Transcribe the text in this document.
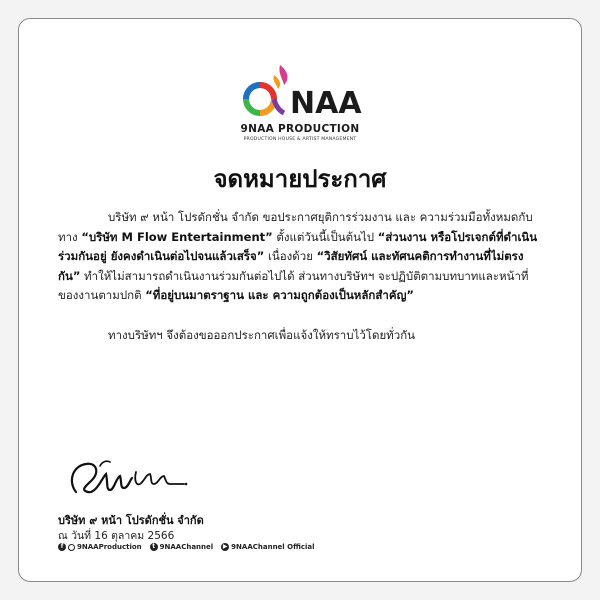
NAA
9NAA PRODUCTION
PRODUCTION HOUSE & ARTIST MANAGEMENT
จดหมายประกาศ

บริษัท ๙ หน้า โปรดักชั่น จำกัด ขอประกาศยุติการร่วมงาน และ ความร่วมมือทั้งหมดกับทาง “บริษัท M Flow Entertainment” ตั้งแต่วันนี้เป็นต้นไป “ส่วนงาน หรือโปรเจกต์ที่ดำเนินร่วมกันอยู่ ยังคงดำเนินต่อไปจนแล้วเสร็จ” เนื่องด้วย “วิสัยทัศน์ และทัศนคติการทำงานที่ไม่ตรงกัน” ทำให้ไม่สามารถดำเนินงานร่วมกันต่อไปได้ ส่วนทางบริษัทฯ จะปฏิบัติตามบทบาทและหน้าที่ของงานตามปกติ “ที่อยู่บนมาตราฐาน และ ความถูกต้องเป็นหลักสำคัญ”

ทางบริษัทฯ จึงต้องขอออกประกาศเพื่อแจ้งให้ทราบไว้โดยทั่วกัน

บริษัท ๙ หน้า โปรดักชั่น จำกัด
ณ วันที่ 16 ตุลาคม 2566
f	9NAAProduction	t 9NAAChannel ▶ 9NAAChannel Official
